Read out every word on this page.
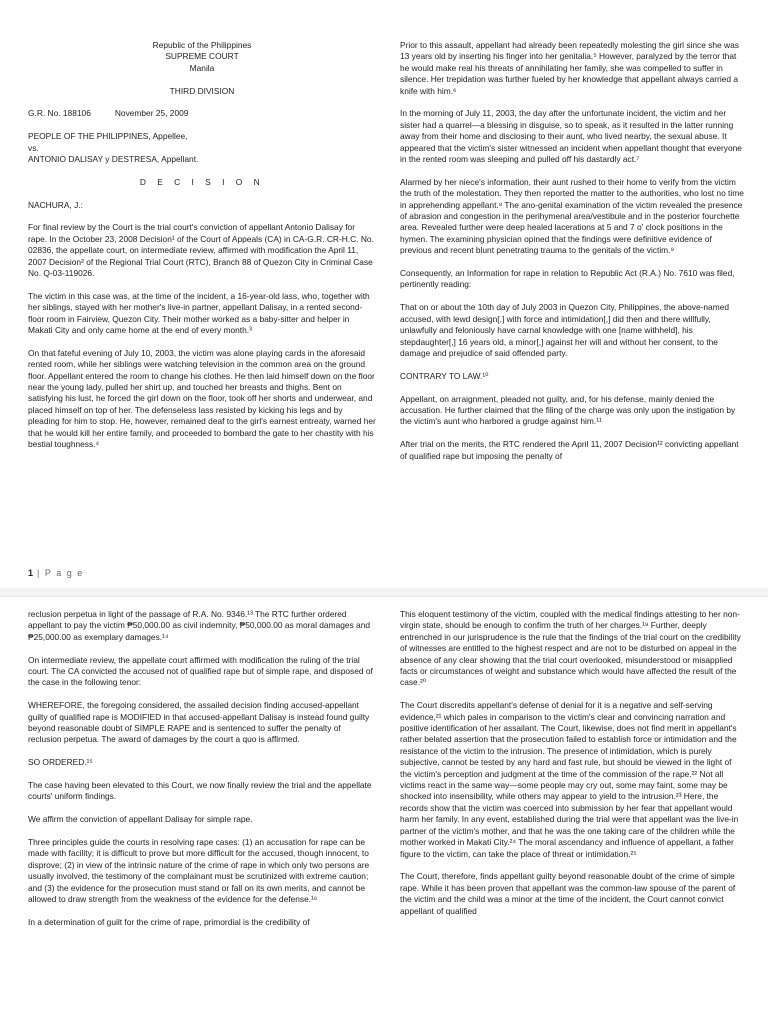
Republic of the Philippines
SUPREME COURT
Manila

THIRD DIVISION

G.R. No. 188106	November 25, 2009
PEOPLE OF THE PHILIPPINES, Appellee,
vs.
ANTONIO DALISAY y DESTRESA, Appellant.

D E C I S I O N

NACHURA, J.:

For final review by the Court is the trial court's conviction of appellant Antonio Dalisay for rape. In the October 23, 2008 Decision¹ of the Court of Appeals (CA) in CA-G.R. CR-H.C. No. 02836, the appellate court, on intermediate review, affirmed with modification the April 11, 2007 Decision² of the Regional Trial Court (RTC), Branch 88 of Quezon City in Criminal Case No. Q-03-119026.

The victim in this case was, at the time of the incident, a 16-year-old lass, who, together with her siblings, stayed with her mother's live-in partner, appellant Dalisay, in a rented second-floor room in Fairview, Quezon City. Their mother worked as a baby-sitter and helper in Makati City and only came home at the end of every month.³

On that fateful evening of July 10, 2003, the victim was alone playing cards in the aforesaid rented room, while her siblings were watching television in the common area on the ground floor. Appellant entered the room to change his clothes. He then laid himself down on the floor near the young lady, pulled her shirt up, and touched her breasts and thighs. Bent on satisfying his lust, he forced the girl down on the floor, took off her shorts and underwear, and placed himself on top of her. The defenseless lass resisted by kicking his legs and by pleading for him to stop. He, however, remained deaf to the girl's earnest entreaty, warned her that he would kill her entire family, and proceeded to bombard the gate to her chastity with his bestial toughness.⁴

Prior to this assault, appellant had already been repeatedly molesting the girl since she was 13 years old by inserting his finger into her genitalia.⁵ However, paralyzed by the terror that he would make real his threats of annihilating her family, she was compelled to suffer in silence. Her trepidation was further fueled by her knowledge that appellant always carried a knife with him.⁶

In the morning of July 11, 2003, the day after the unfortunate incident, the victim and her sister had a quarrel—a blessing in disguise, so to speak, as it resulted in the latter running away from their home and disclosing to their aunt, who lived nearby, the sexual abuse. It appeared that the victim's sister witnessed an incident when appellant thought that everyone in the rented room was sleeping and pulled off his dastardly act.⁷

Alarmed by her niece's information, their aunt rushed to their home to verify from the victim the truth of the molestation. They then reported the matter to the authorities, who lost no time in apprehending appellant.⁸ The ano-genital examination of the victim revealed the presence of abrasion and congestion in the perihymenal area/vestibule and in the posterior fourchette area. Revealed further were deep healed lacerations at 5 and 7 o' clock positions in the hymen. The examining physician opined that the findings were definitive evidence of previous and recent blunt penetrating trauma to the genitals of the victim.⁹

Consequently, an Information for rape in relation to Republic Act (R.A.) No. 7610 was filed, pertinently reading:

That on or about the 10th day of July 2003 in Quezon City, Philippines, the above-named accused, with lewd design[,] with force and intimidation[,] did then and there willfully, unlawfully and feloniously have carnal knowledge with one [name withheld], his stepdaughter[,] 16 years old, a minor[,] against her will and without her consent, to the damage and prejudice of said offended party.

CONTRARY TO LAW.¹⁰

Appellant, on arraignment, pleaded not guilty, and, for his defense, mainly denied the accusation. He further claimed that the filing of the charge was only upon the instigation by the victim's aunt who harbored a grudge against him.¹¹

After trial on the merits, the RTC rendered the April 11, 2007 Decision¹² convicting appellant of qualified rape but imposing the penalty of

1 | P a g e

reclusion perpetua in light of the passage of R.A. No. 9346.¹³ The RTC further ordered appellant to pay the victim ₱50,000.00 as civil indemnity, ₱50,000.00 as moral damages and ₱25,000.00 as exemplary damages.¹⁴

On intermediate review, the appellate court affirmed with modification the ruling of the trial court. The CA convicted the accused not of qualified rape but of simple rape, and disposed of the case in the following tenor:

WHEREFORE, the foregoing considered, the assailed decision finding accused-appellant guilty of qualified rape is MODIFIED in that accused-appellant Dalisay is instead found guilty beyond reasonable doubt of SIMPLE RAPE and is sentenced to suffer the penalty of reclusion perpetua. The award of damages by the court a quo is affirmed.

SO ORDERED.¹⁵

The case having been elevated to this Court, we now finally review the trial and the appellate courts' uniform findings.

We affirm the conviction of appellant Dalisay for simple rape.

Three principles guide the courts in resolving rape cases: (1) an accusation for rape can be made with facility; it is difficult to prove but more difficult for the accused, though innocent, to disprove; (2) in view of the intrinsic nature of the crime of rape in which only two persons are usually involved, the testimony of the complainant must be scrutinized with extreme caution; and (3) the evidence for the prosecution must stand or fall on its own merits, and cannot be allowed to draw strength from the weakness of the evidence for the defense.¹⁶

In a determination of guilt for the crime of rape, primordial is the credibility of

This eloquent testimony of the victim, coupled with the medical findings attesting to her non-virgin state, should be enough to confirm the truth of her charges.¹⁹ Further, deeply entrenched in our jurisprudence is the rule that the findings of the trial court on the credibility of witnesses are entitled to the highest respect and are not to be disturbed on appeal in the absence of any clear showing that the trial court overlooked, misunderstood or misapplied facts or circumstances of weight and substance which would have affected the result of the case.²⁰

The Court discredits appellant's defense of denial for it is a negative and self-serving evidence,²¹ which pales in comparison to the victim's clear and convincing narration and positive identification of her assailant. The Court, likewise, does not find merit in appellant's rather belated assertion that the prosecution failed to establish force or intimidation and the resistance of the victim to the intrusion. The presence of intimidation, which is purely subjective, cannot be tested by any hard and fast rule, but should be viewed in the light of the victim's perception and judgment at the time of the commission of the rape.²² Not all victims react in the same way—some people may cry out, some may faint, some may be shocked into insensibility, while others may appear to yield to the intrusion.²³ Here, the records show that the victim was coerced into submission by her fear that appellant would harm her family. In any event, established during the trial were that appellant was the live-in partner of the victim's mother, and that he was the one taking care of the children while the mother worked in Makati City.²⁴ The moral ascendancy and influence of appellant, a father figure to the victim, can take the place of threat or intimidation.²⁵

The Court, therefore, finds appellant guilty beyond reasonable doubt of the crime of simple rape. While it has been proven that appellant was the common-law spouse of the parent of the victim and the child was a minor at the time of the incident, the Court cannot convict appellant of qualified
